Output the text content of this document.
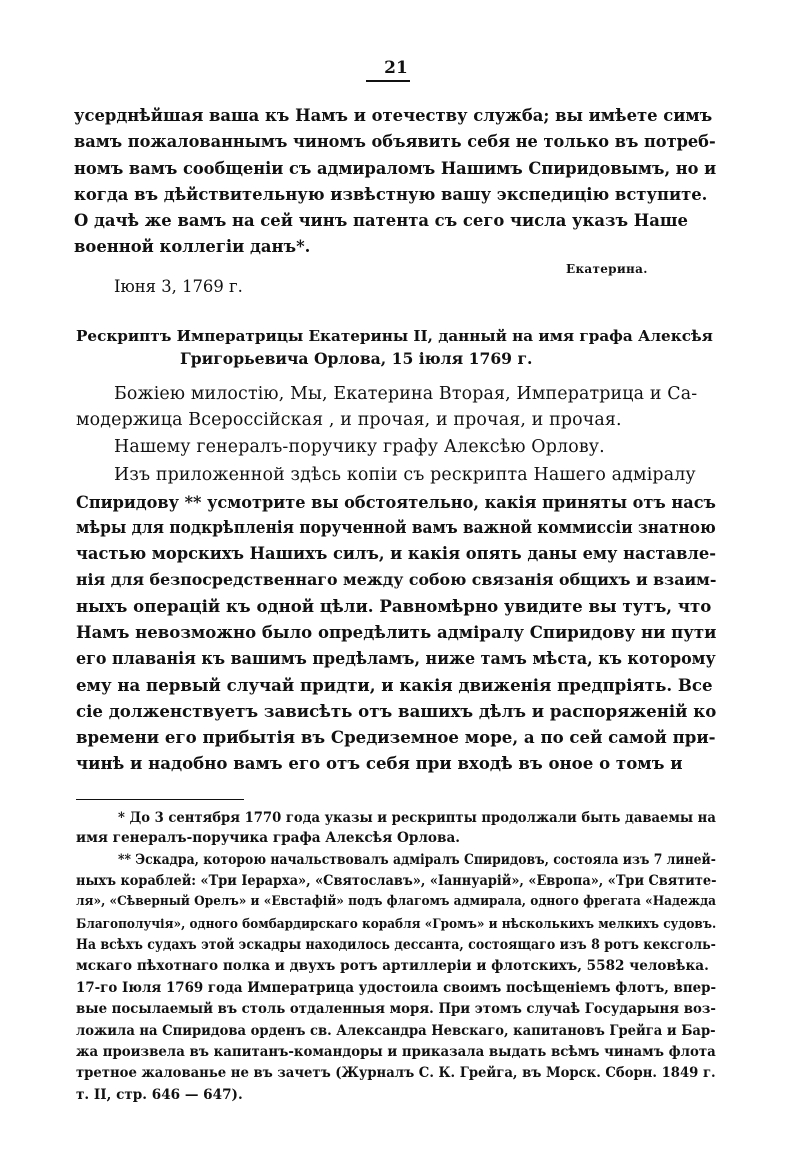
21
усерднѣйшая ваша къ Намъ и отечеству служба; вы имѣете симъ
вамъ пожалованнымъ чиномъ объявить себя не только въ потреб-
номъ вамъ сообщеніи съ адмираломъ Нашимъ Спиридовымъ, но и
когда въ дѣйствительную извѣстную вашу экспедицію вступите.
О дачѣ же вамъ на сей чинъ патента съ сего числа указъ Наше
военной коллегіи данъ*.
Екатерина.
Іюня 3, 1769 г.
Рескриптъ Императрицы Екатерины II, данный на имя графа Алексѣя
Григорьевича Орлова, 15 іюля 1769 г.
Божіею милостію, Мы, Екатерина Вторая, Императрица и Са-
модержица Всероссійская , и прочая, и прочая, и прочая.
Нашему генералъ-поручику графу Алексѣю Орлову.
Изъ приложенной здѣсь копіи съ рескрипта Нашего адміралу
Спиридову ** усмотрите вы обстоятельно, какія приняты отъ насъ
мѣры для подкрѣпленія порученной вамъ важной коммиссіи знатною
частью морскихъ Нашихъ силъ, и какія опять даны ему наставле-
нія для безпосредственнаго между собою связанія общихъ и взаим-
ныхъ операцій къ одной цѣли. Равномѣрно увидите вы тутъ, что
Намъ невозможно было опредѣлить адміралу Спиридову ни пути
его плаванія къ вашимъ предѣламъ, ниже тамъ мѣста, къ которому
ему на первый случай придти, и какія движенія предпріять. Все
сіе долженствуетъ зависѣть отъ вашихъ дѣлъ и распоряженій ко
времени его прибытія въ Средиземное море, а по сей самой при-
чинѣ и надобно вамъ его отъ себя при входѣ въ оное о томъ и
* До 3 сентября 1770 года указы и рескрипты продолжали быть даваемы на
имя генералъ-поручика графа Алексѣя Орлова.
** Эскадра, которою начальствовалъ адміралъ Спиридовъ, состояла изъ 7 линей-
ныхъ кораблей: «Три Іерарха», «Святославъ», «Іаннуарій», «Европа», «Три Святите-
ля», «Сѣверный Орелъ» и «Евстафій» подъ флагомъ адмирала, одного фрегата «Надежда
Благополучія», одного бомбардирскаго корабля «Громъ» и нѣсколькихъ мелкихъ судовъ.
На всѣхъ судахъ этой эскадры находилось дессанта, состоящаго изъ 8 ротъ кексголь-
мскаго пѣхотнаго полка и двухъ ротъ артиллеріи и флотскихъ, 5582 человѣка.
17-го Іюля 1769 года Императрица удостоила своимъ посѣщеніемъ флотъ, впер-
вые посылаемый въ столь отдаленныя моря. При этомъ случаѣ Государыня воз-
ложила на Спиридова орденъ св. Александра Невскаго, капитановъ Грейга и Бар-
жа произвела въ капитанъ-командоры и приказала выдать всѣмъ чинамъ флота
третное жалованье не въ зачетъ (Журналъ С. К. Грейга, въ Морск. Сборн. 1849 г.
т. II, стр. 646 — 647).
